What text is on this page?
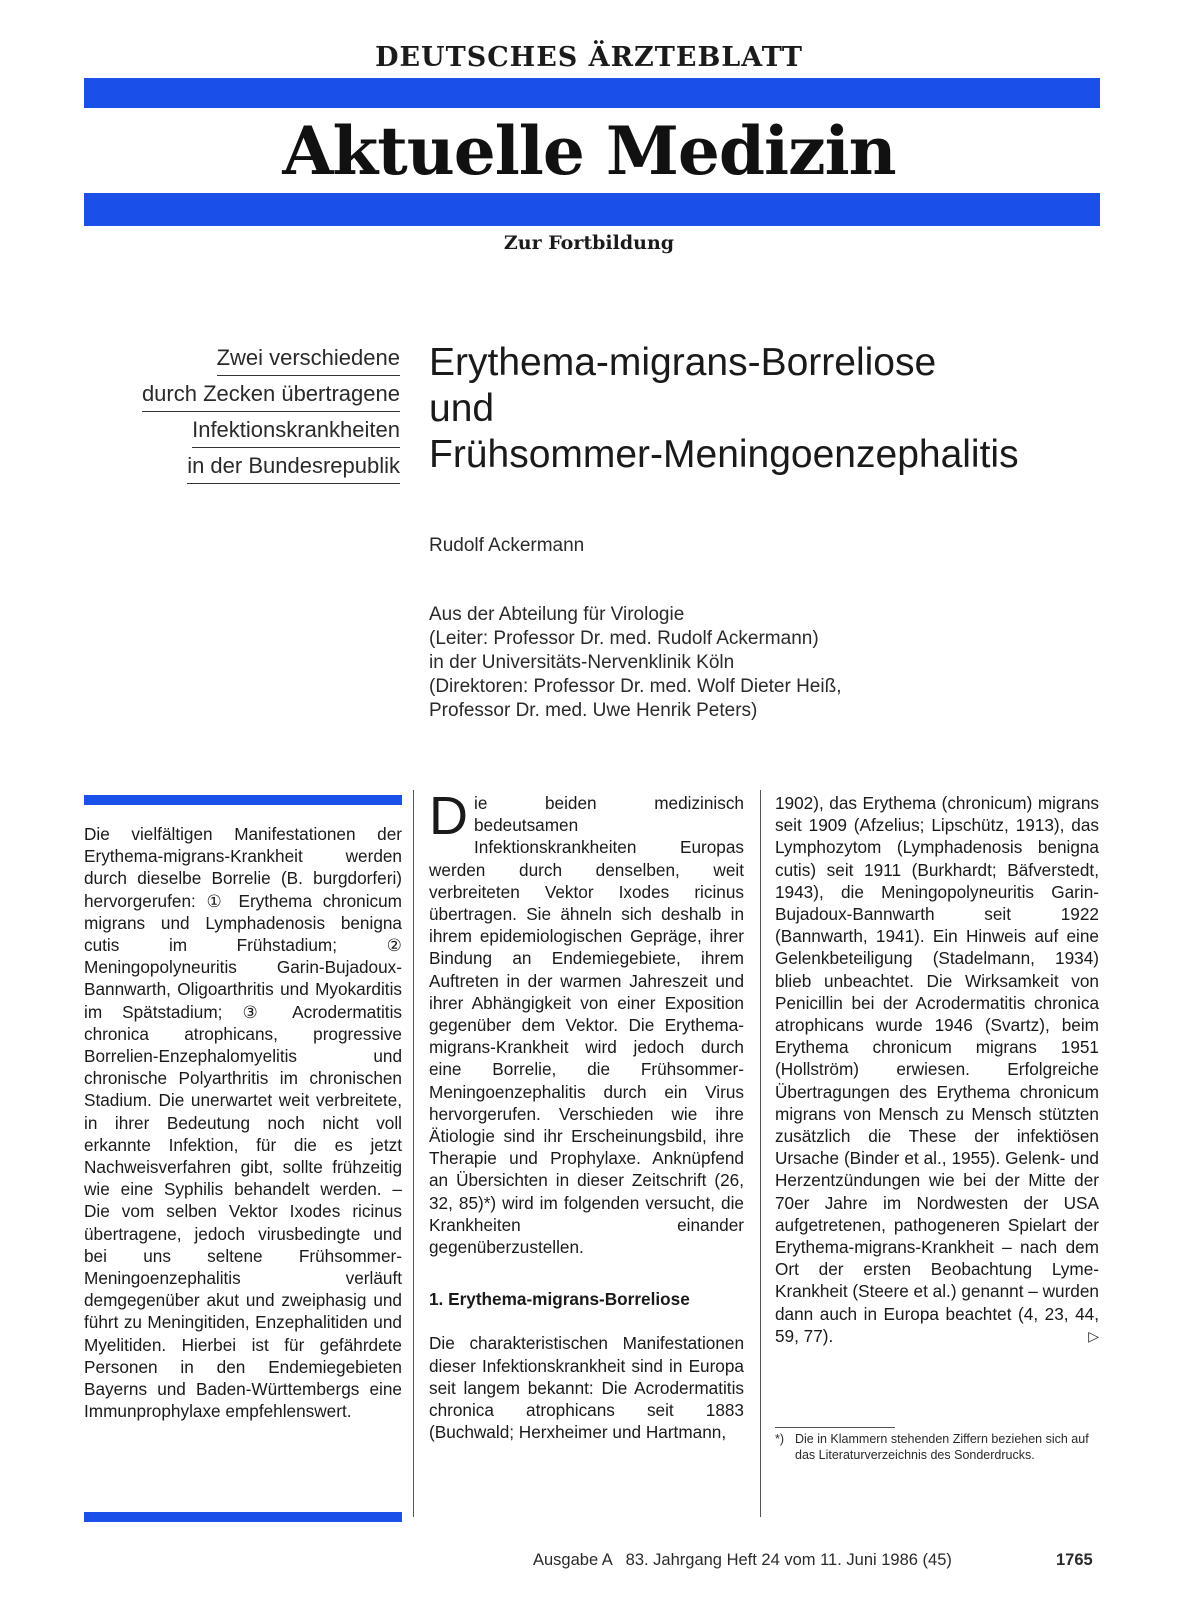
DEUTSCHES ÄRZTEBLATT
Aktuelle Medizin
Zur Fortbildung
Zwei verschiedene
durch Zecken übertragene
Infektionskrankheiten
in der Bundesrepublik
Erythema-migrans-Borreliose
und
Frühsommer-Meningoenzephalitis
Rudolf Ackermann
Aus der Abteilung für Virologie
(Leiter: Professor Dr. med. Rudolf Ackermann)
in der Universitäts-Nervenklinik Köln
(Direktoren: Professor Dr. med. Wolf Dieter Heiß,
Professor Dr. med. Uwe Henrik Peters)
Die vielfältigen Manifestationen der Erythema-migrans-Krankheit werden durch dieselbe Borrelie (B. burgdorferi) hervorgerufen: ① Erythema chronicum migrans und Lymphadenosis benigna cutis im Frühstadium; ② Meningopolyneuritis Garin-Bujadoux-Bannwarth, Oligoarthritis und Myokarditis im Spätstadium; ③ Acrodermatitis chronica atrophicans, progressive Borrelien-Enzephalomyelitis und chronische Polyarthritis im chronischen Stadium. Die unerwartet weit verbreitete, in ihrer Bedeutung noch nicht voll erkannte Infektion, für die es jetzt Nachweisverfahren gibt, sollte frühzeitig wie eine Syphilis behandelt werden. – Die vom selben Vektor Ixodes ricinus übertragene, jedoch virusbedingte und bei uns seltene Frühsommer-Meningoenzephalitis verläuft demgegenüber akut und zweiphasig und führt zu Meningitiden, Enzephalitiden und Myelitiden. Hierbei ist für gefährdete Personen in den Endemiegebieten Bayerns und Baden-Württembergs eine Immunprophylaxe empfehlenswert.

Die beiden medizinisch bedeutsamen Infektionskrankheiten Europas werden durch denselben, weit verbreiteten Vektor Ixodes ricinus übertragen. Sie ähneln sich deshalb in ihrem epidemiologischen Gepräge, ihrer Bindung an Endemiegebiete, ihrem Auftreten in der warmen Jahreszeit und ihrer Abhängigkeit von einer Exposition gegenüber dem Vektor. Die Erythema-migrans-Krankheit wird jedoch durch eine Borrelie, die Frühsommer-Meningoenzephalitis durch ein Virus hervorgerufen. Verschieden wie ihre Ätiologie sind ihr Erscheinungsbild, ihre Therapie und Prophylaxe. Anknüpfend an Übersichten in dieser Zeitschrift (26, 32, 85)*) wird im folgenden versucht, die Krankheiten einander gegenüberzustellen.

1. Erythema-migrans-Borreliose

Die charakteristischen Manifestationen dieser Infektionskrankheit sind in Europa seit langem bekannt: Die Acrodermatitis chronica atrophicans seit 1883 (Buchwald; Herxheimer und Hartmann,

1902), das Erythema (chronicum) migrans seit 1909 (Afzelius; Lipschütz, 1913), das Lymphozytom (Lymphadenosis benigna cutis) seit 1911 (Burkhardt; Bäfverstedt, 1943), die Meningopolyneuritis Garin-Bujadoux-Bannwarth seit 1922 (Bannwarth, 1941). Ein Hinweis auf eine Gelenkbeteiligung (Stadelmann, 1934) blieb unbeachtet. Die Wirksamkeit von Penicillin bei der Acrodermatitis chronica atrophicans wurde 1946 (Svartz), beim Erythema chronicum migrans 1951 (Hollström) erwiesen. Erfolgreiche Übertragungen des Erythema chronicum migrans von Mensch zu Mensch stützten zusätzlich die These der infektiösen Ursache (Binder et al., 1955). Gelenk- und Herzentzündungen wie bei der Mitte der 70er Jahre im Nordwesten der USA aufgetretenen, pathogeneren Spielart der Erythema-migrans-Krankheit – nach dem Ort der ersten Beobachtung Lyme-Krankheit (Steere et al.) genannt – wurden dann auch in Europa beachtet (4, 23, 44, 59, 77).	▷

*) Die in Klammern stehenden Ziffern beziehen sich auf das Literaturverzeichnis des Sonderdrucks.
Ausgabe A   83. Jahrgang Heft 24 vom 11. Juni 1986 (45)	1765
